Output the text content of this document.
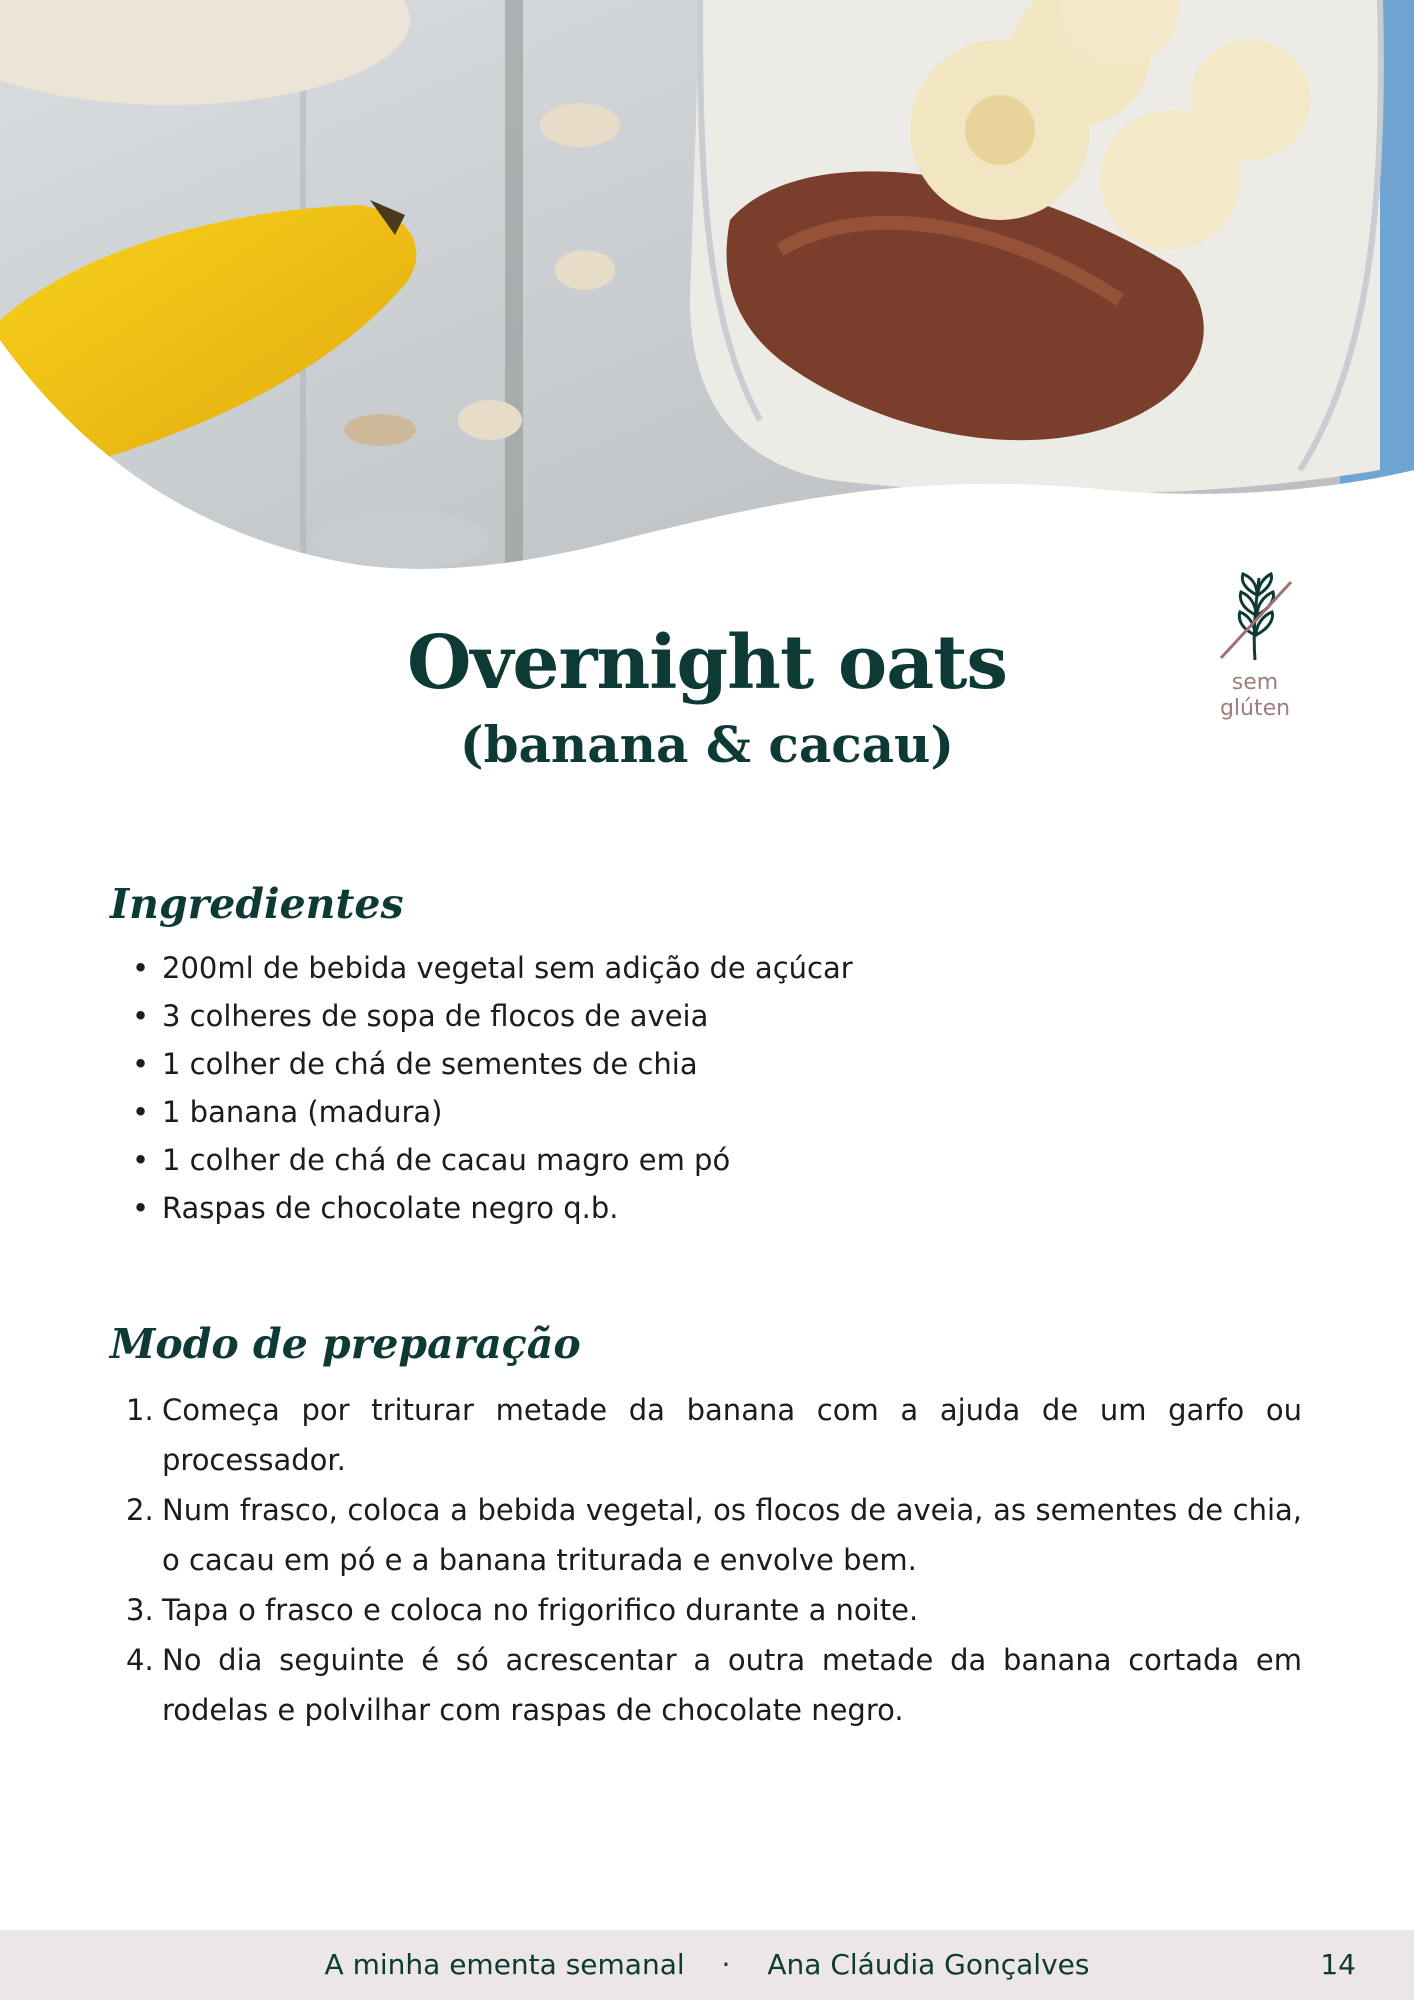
sem
glúten
Overnight oats
(banana & cacau)
Ingredientes
• 200ml de bebida vegetal sem adição de açúcar
• 3 colheres de sopa de flocos de aveia
• 1 colher de chá de sementes de chia
• 1 banana (madura)
• 1 colher de chá de cacau magro em pó
• Raspas de chocolate negro q.b.
Modo de preparação
1. Começa por triturar metade da banana com a ajuda de um garfo ou processador.
2. Num frasco, coloca a bebida vegetal, os flocos de aveia, as sementes de chia, o cacau em pó e a banana triturada e envolve bem.
3. Tapa o frasco e coloca no frigorifico durante a noite.
4. No dia seguinte é só acrescentar a outra metade da banana cortada em rodelas e polvilhar com raspas de chocolate negro.
A minha ementa semanal · Ana Cláudia Gonçalves	14
